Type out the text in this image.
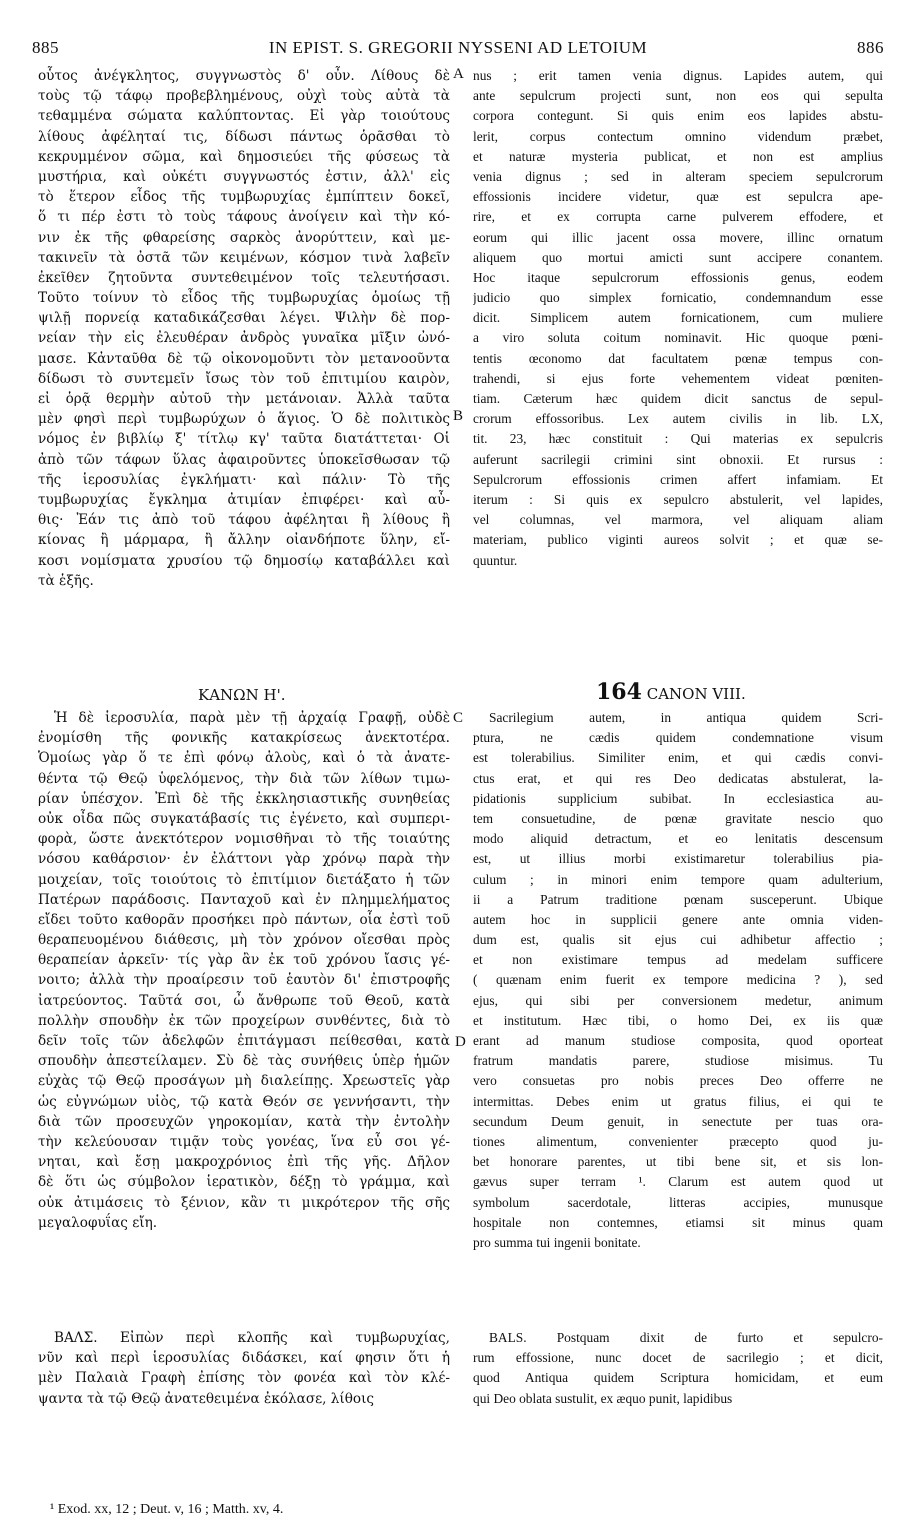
885	IN EPIST. S. GREGORII NYSSENI AD LETOIUM	886
A
B
C
D
οὗτος ἀνέγκλητος, συγγνωστὸς δ' οὖν. Λίθους δὲ
τοὺς τῷ τάφῳ προβεβλημένους, οὐχὶ τοὺς αὐτὰ τὰ
τεθαμμένα σώματα καλύπτοντας. Εἰ γὰρ τοιούτους
λίθους ἀφέληταί τις, δίδωσι πάντως ὁρᾶσθαι τὸ
κεκρυμμένον σῶμα, καὶ δημοσιεύει τῆς φύσεως τὰ
μυστήρια, καὶ οὐκέτι συγγνωστός ἐστιν, ἀλλ' εἰς
τὸ ἕτερον εἶδος τῆς τυμβωρυχίας ἐμπίπτειν δοκεῖ,
ὅ τι πέρ ἐστι τὸ τοὺς τάφους ἀνοίγειν καὶ τὴν κό-
νιν ἐκ τῆς φθαρείσης σαρκὸς ἀνορύττειν, καὶ με-
τακινεῖν τὰ ὀστᾶ τῶν κειμένων, κόσμον τινὰ λαβεῖν
ἐκεῖθεν ζητοῦντα συντεθειμένον τοῖς τελευτήσασι.
Τοῦτο τοίνυν τὸ εἶδος τῆς τυμβωρυχίας ὁμοίως τῇ
ψιλῇ πορνείᾳ καταδικάζεσθαι λέγει. Ψιλὴν δὲ πορ-
νείαν τὴν εἰς ἐλευθέραν ἀνδρὸς γυναῖκα μῖξιν ὠνό-
μασε. Κἀνταῦθα δὲ τῷ οἰκονομοῦντι τὸν μετανοοῦντα
δίδωσι τὸ συντεμεῖν ἴσως τὸν τοῦ ἐπιτιμίου καιρὸν,
εἰ ὁρᾷ θερμὴν αὐτοῦ τὴν μετάνοιαν. Ἀλλὰ ταῦτα
μὲν φησὶ περὶ τυμβωρύχων ὁ ἅγιος. Ὁ δὲ πολιτικὸς
νόμος ἐν βιβλίῳ ξ' τίτλῳ κγ' ταῦτα διατάττεται· Οἱ
ἀπὸ τῶν τάφων ὕλας ἀφαιροῦντες ὑποκεῖσθωσαν τῷ
τῆς ἱεροσυλίας ἐγκλήματι· καὶ πάλιν· Τὸ τῆς
τυμβωρυχίας ἔγκλημα ἀτιμίαν ἐπιφέρει· καὶ αὖ-
θις· Ἐάν τις ἀπὸ τοῦ τάφου ἀφέληται ἢ λίθους ἢ
κίονας ἢ μάρμαρα, ἢ ἄλλην οἰανδήποτε ὕλην, εἴ-
κοσι νομίσματα χρυσίου τῷ δημοσίῳ καταβάλλει καὶ
τὰ ἑξῆς.
ΚΑΝΩΝ Η'.
Ἡ δὲ ἱεροσυλία, παρὰ μὲν τῇ ἀρχαίᾳ Γραφῇ, οὐδὲ
ἐνομίσθη τῆς φονικῆς κατακρίσεως ἀνεκτοτέρα.
Ὁμοίως γὰρ ὅ τε ἐπὶ φόνῳ ἁλοὺς, καὶ ὁ τὰ ἀνατε-
θέντα τῷ Θεῷ ὑφελόμενος, τὴν διὰ τῶν λίθων τιμω-
ρίαν ὑπέσχον. Ἐπὶ δὲ τῆς ἐκκλησιαστικῆς συνηθείας
οὐκ οἶδα πῶς συγκατάβασίς τις ἐγένετο, καὶ συμπερι-
φορὰ, ὥστε ἀνεκτότερον νομισθῆναι τὸ τῆς τοιαύτης
νόσου καθάρσιον· ἐν ἐλάττονι γὰρ χρόνῳ παρὰ τὴν
μοιχείαν, τοῖς τοιούτοις τὸ ἐπιτίμιον διετάξατο ἡ τῶν
Πατέρων παράδοσις. Πανταχοῦ καὶ ἐν πλημμελήματος
εἴδει τοῦτο καθορᾶν προσήκει πρὸ πάντων, οἷα ἐστὶ τοῦ
θεραπευομένου διάθεσις, μὴ τὸν χρόνον οἴεσθαι πρὸς
θεραπείαν ἀρκεῖν· τίς γὰρ ἂν ἐκ τοῦ χρόνου ἴασις γέ-
νοιτο; ἀλλὰ τὴν προαίρεσιν τοῦ ἑαυτὸν δι' ἐπιστροφῆς
ἰατρεύοντος. Ταῦτά σοι, ὦ ἄνθρωπε τοῦ Θεοῦ, κατὰ
πολλὴν σπουδὴν ἐκ τῶν προχείρων συνθέντες, διὰ τὸ
δεῖν τοῖς τῶν ἀδελφῶν ἐπιτάγμασι πείθεσθαι, κατὰ
σπουδὴν ἀπεστείλαμεν. Σὺ δὲ τὰς συνήθεις ὑπὲρ ἡμῶν
εὐχὰς τῷ Θεῷ προσάγων μὴ διαλείπῃς. Χρεωστεῖς γὰρ
ὡς εὐγνώμων υἱὸς, τῷ κατὰ Θεόν σε γεννήσαντι, τὴν
διὰ τῶν προσευχῶν γηροκομίαν, κατὰ τὴν ἐντολὴν
τὴν κελεύουσαν τιμᾷν τοὺς γονέας, ἵνα εὖ σοι γέ-
νηται, καὶ ἔσῃ μακροχρόνιος ἐπὶ τῆς γῆς. Δῆλον
δὲ ὅτι ὡς σύμβολον ἱερατικὸν, δέξῃ τὸ γράμμα, καὶ
οὐκ ἀτιμάσεις τὸ ξένιον, κἂν τι μικρότερον τῆς σῆς
μεγαλοφυΐας εἴη.
ΒΑΛΣ. Εἰπὼν περὶ κλοπῆς καὶ τυμβωρυχίας,
νῦν καὶ περὶ ἱεροσυλίας διδάσκει, καί φησιν ὅτι ἡ
μὲν Παλαιὰ Γραφὴ ἐπίσης τὸν φονέα καὶ τὸν κλέ-
ψαντα τὰ τῷ Θεῷ ἀνατεθειμένα ἐκόλασε, λίθοις
nus ; erit tamen venia dignus. Lapides autem, qui
ante sepulcrum projecti sunt, non eos qui sepulta
corpora contegunt. Si quis enim eos lapides abstu-
lerit, corpus contectum omnino videndum præbet,
et naturæ mysteria publicat, et non est amplius
venia dignus ; sed in alteram speciem sepulcrorum
effossionis incidere videtur, quæ est sepulcra ape-
rire, et ex corrupta carne pulverem effodere, et
eorum qui illic jacent ossa movere, illinc ornatum
aliquem quo mortui amicti sunt accipere conantem.
Hoc itaque sepulcrorum effossionis genus, eodem
judicio quo simplex fornicatio, condemnandum esse
dicit. Simplicem autem fornicationem, cum muliere
a viro soluta coitum nominavit. Hic quoque pœni-
tentis œconomo dat facultatem pœnæ tempus con-
trahendi, si ejus forte vehementem videat pœniten-
tiam. Cæterum hæc quidem dicit sanctus de sepul-
crorum effossoribus. Lex autem civilis in lib. LX,
tit. 23, hæc constituit : Qui materias ex sepulcris
auferunt sacrilegii crimini sint obnoxii. Et rursus :
Sepulcrorum effossionis crimen affert infamiam. Et
iterum : Si quis ex sepulcro abstulerit, vel lapides,
vel columnas, vel marmora, vel aliquam aliam
materiam, publico viginti aureos solvit ; et quæ se-
quuntur.
164 CANON VIII.
Sacrilegium autem, in antiqua quidem Scri-
ptura, ne cædis quidem condemnatione visum
est tolerabilius. Similiter enim, et qui cædis convi-
ctus erat, et qui res Deo dedicatas abstulerat, la-
pidationis supplicium subibat. In ecclesiastica au-
tem consuetudine, de pœnæ gravitate nescio quo
modo aliquid detractum, et eo lenitatis descensum
est, ut illius morbi existimaretur tolerabilius pia-
culum ; in minori enim tempore quam adulterium,
ii a Patrum traditione pœnam susceperunt. Ubique
autem hoc in supplicii genere ante omnia viden-
dum est, qualis sit ejus cui adhibetur affectio ;
et non existimare tempus ad medelam sufficere
( quænam enim fuerit ex tempore medicina ? ), sed
ejus, qui sibi per conversionem medetur, animum
et institutum. Hæc tibi, o homo Dei, ex iis quæ
erant ad manum studiose composita, quod oporteat
fratrum mandatis parere, studiose misimus. Tu
vero consuetas pro nobis preces Deo offerre ne
intermittas. Debes enim ut gratus filius, ei qui te
secundum Deum genuit, in senectute per tuas ora-
tiones alimentum, convenienter præcepto quod ju-
bet honorare parentes, ut tibi bene sit, et sis lon-
gævus super terram ¹. Clarum est autem quod ut
symbolum sacerdotale, litteras accipies, munusque
hospitale non contemnes, etiamsi sit minus quam
pro summa tui ingenii bonitate.
BALS. Postquam dixit de furto et sepulcro-
rum effossione, nunc docet de sacrilegio ; et dicit,
quod Antiqua quidem Scriptura homicidam, et eum
qui Deo oblata sustulit, ex æquo punit, lapidibus
¹ Exod. xx, 12 ; Deut. v, 16 ; Matth. xv, 4.
